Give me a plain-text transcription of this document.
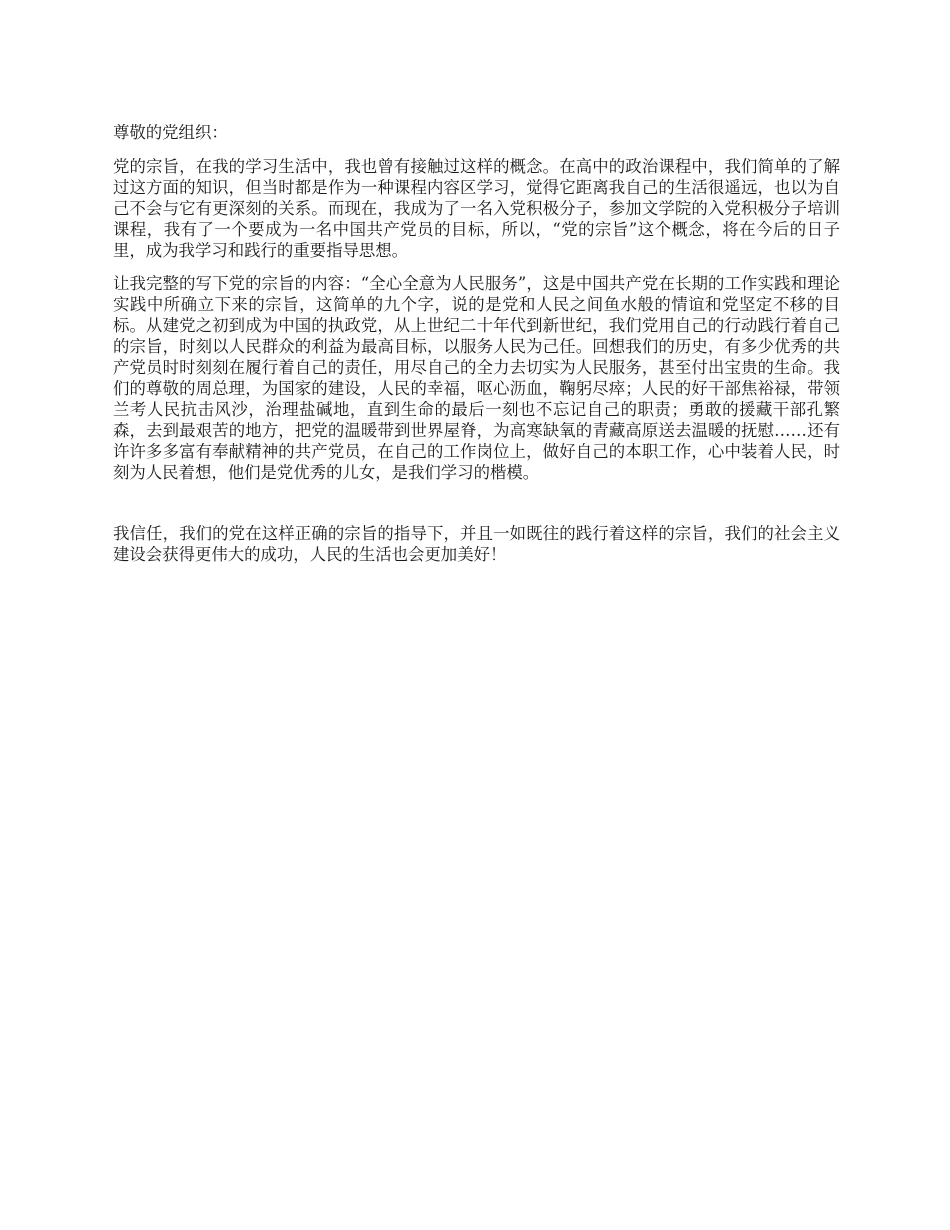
尊敬的党组织：

党的宗旨，在我的学习生活中，我也曾有接触过这样的概念。在高中的政治课程中，我们简单的了解过这方面的知识，但当时都是作为一种课程内容区学习，觉得它距离我自己的生活很遥远，也以为自己不会与它有更深刻的关系。而现在，我成为了一名入党积极分子，参加文学院的入党积极分子培训课程，我有了一个要成为一名中国共产党员的目标，所以，“党的宗旨”这个概念，将在今后的日子里，成为我学习和践行的重要指导思想。

让我完整的写下党的宗旨的内容：“全心全意为人民服务”，这是中国共产党在长期的工作实践和理论实践中所确立下来的宗旨，这简单的九个字，说的是党和人民之间鱼水般的情谊和党坚定不移的目标。从建党之初到成为中国的执政党，从上世纪二十年代到新世纪，我们党用自己的行动践行着自己的宗旨，时刻以人民群众的利益为最高目标，以服务人民为己任。回想我们的历史，有多少优秀的共产党员时时刻刻在履行着自己的责任，用尽自己的全力去切实为人民服务，甚至付出宝贵的生命。我们的尊敬的周总理，为国家的建设，人民的幸福，呕心沥血，鞠躬尽瘁；人民的好干部焦裕禄，带领兰考人民抗击风沙，治理盐碱地，直到生命的最后一刻也不忘记自己的职责；勇敢的援藏干部孔繁森，去到最艰苦的地方，把党的温暖带到世界屋脊，为高寒缺氧的青藏高原送去温暖的抚慰……还有许许多多富有奉献精神的共产党员，在自己的工作岗位上，做好自己的本职工作，心中装着人民，时刻为人民着想，他们是党优秀的儿女，是我们学习的楷模。

我信任，我们的党在这样正确的宗旨的指导下，并且一如既往的践行着这样的宗旨，我们的社会主义建设会获得更伟大的成功，人民的生活也会更加美好！
